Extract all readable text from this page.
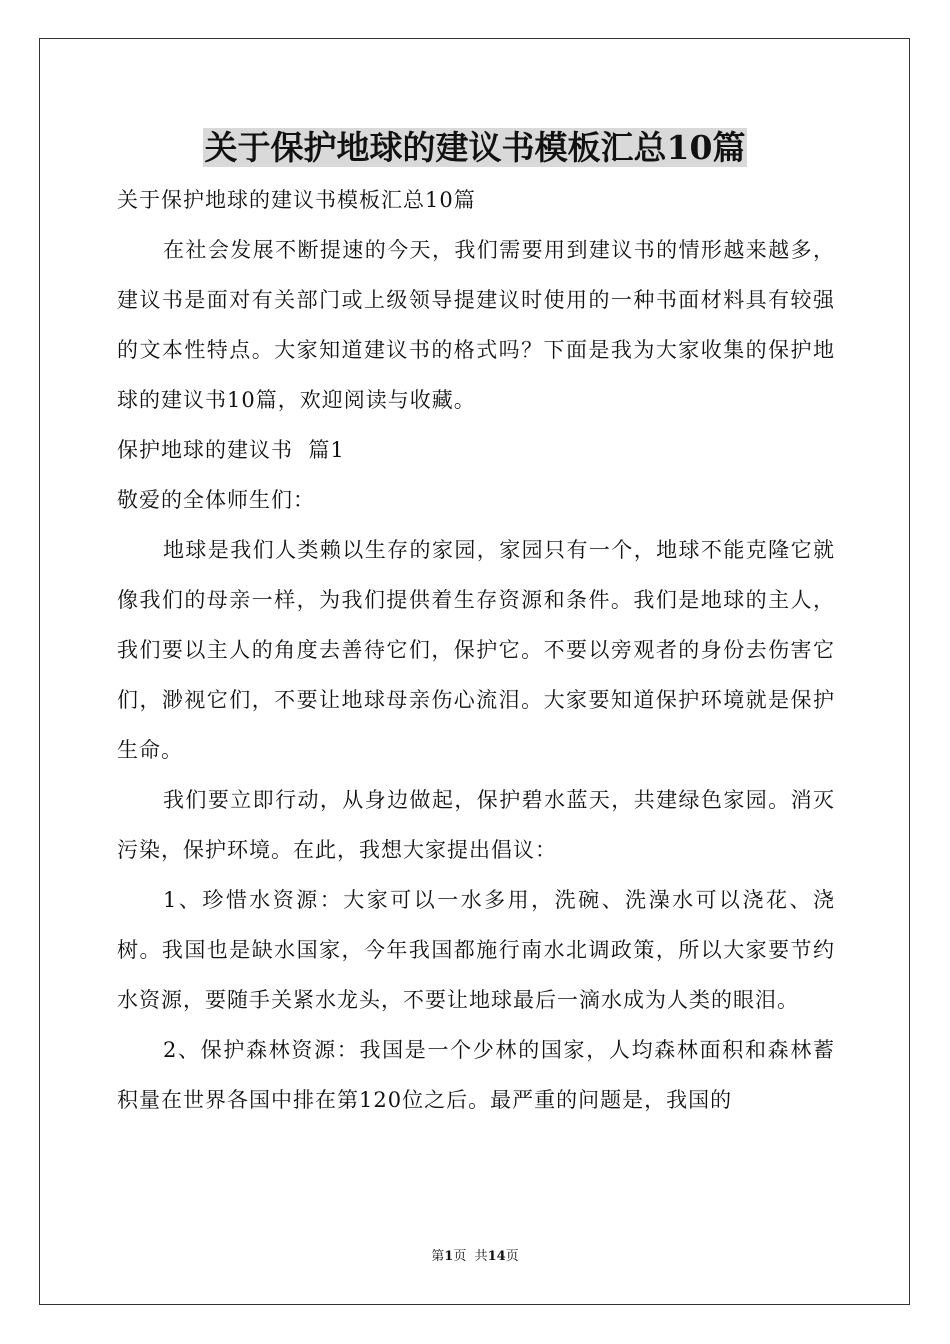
关于保护地球的建议书模板汇总10篇

关于保护地球的建议书模板汇总10篇

在社会发展不断提速的今天，我们需要用到建议书的情形越来越多，建议书是面对有关部门或上级领导提建议时使用的一种书面材料具有较强的文本性特点。大家知道建议书的格式吗？下面是我为大家收集的保护地球的建议书10篇，欢迎阅读与收藏。

保护地球的建议书  篇1

敬爱的全体师生们：

地球是我们人类赖以生存的家园，家园只有一个，地球不能克隆它就像我们的母亲一样，为我们提供着生存资源和条件。我们是地球的主人，我们要以主人的角度去善待它们，保护它。不要以旁观者的身份去伤害它们，渺视它们，不要让地球母亲伤心流泪。大家要知道保护环境就是保护生命。

我们要立即行动，从身边做起，保护碧水蓝天，共建绿色家园。消灭污染，保护环境。在此，我想大家提出倡议：

1、珍惜水资源：大家可以一水多用，洗碗、洗澡水可以浇花、浇树。我国也是缺水国家，今年我国都施行南水北调政策，所以大家要节约水资源，要随手关紧水龙头，不要让地球最后一滴水成为人类的眼泪。

2、保护森林资源：我国是一个少林的国家，人均森林面积和森林蓄积量在世界各国中排在第120位之后。最严重的问题是，我国的

第1页  共14页
